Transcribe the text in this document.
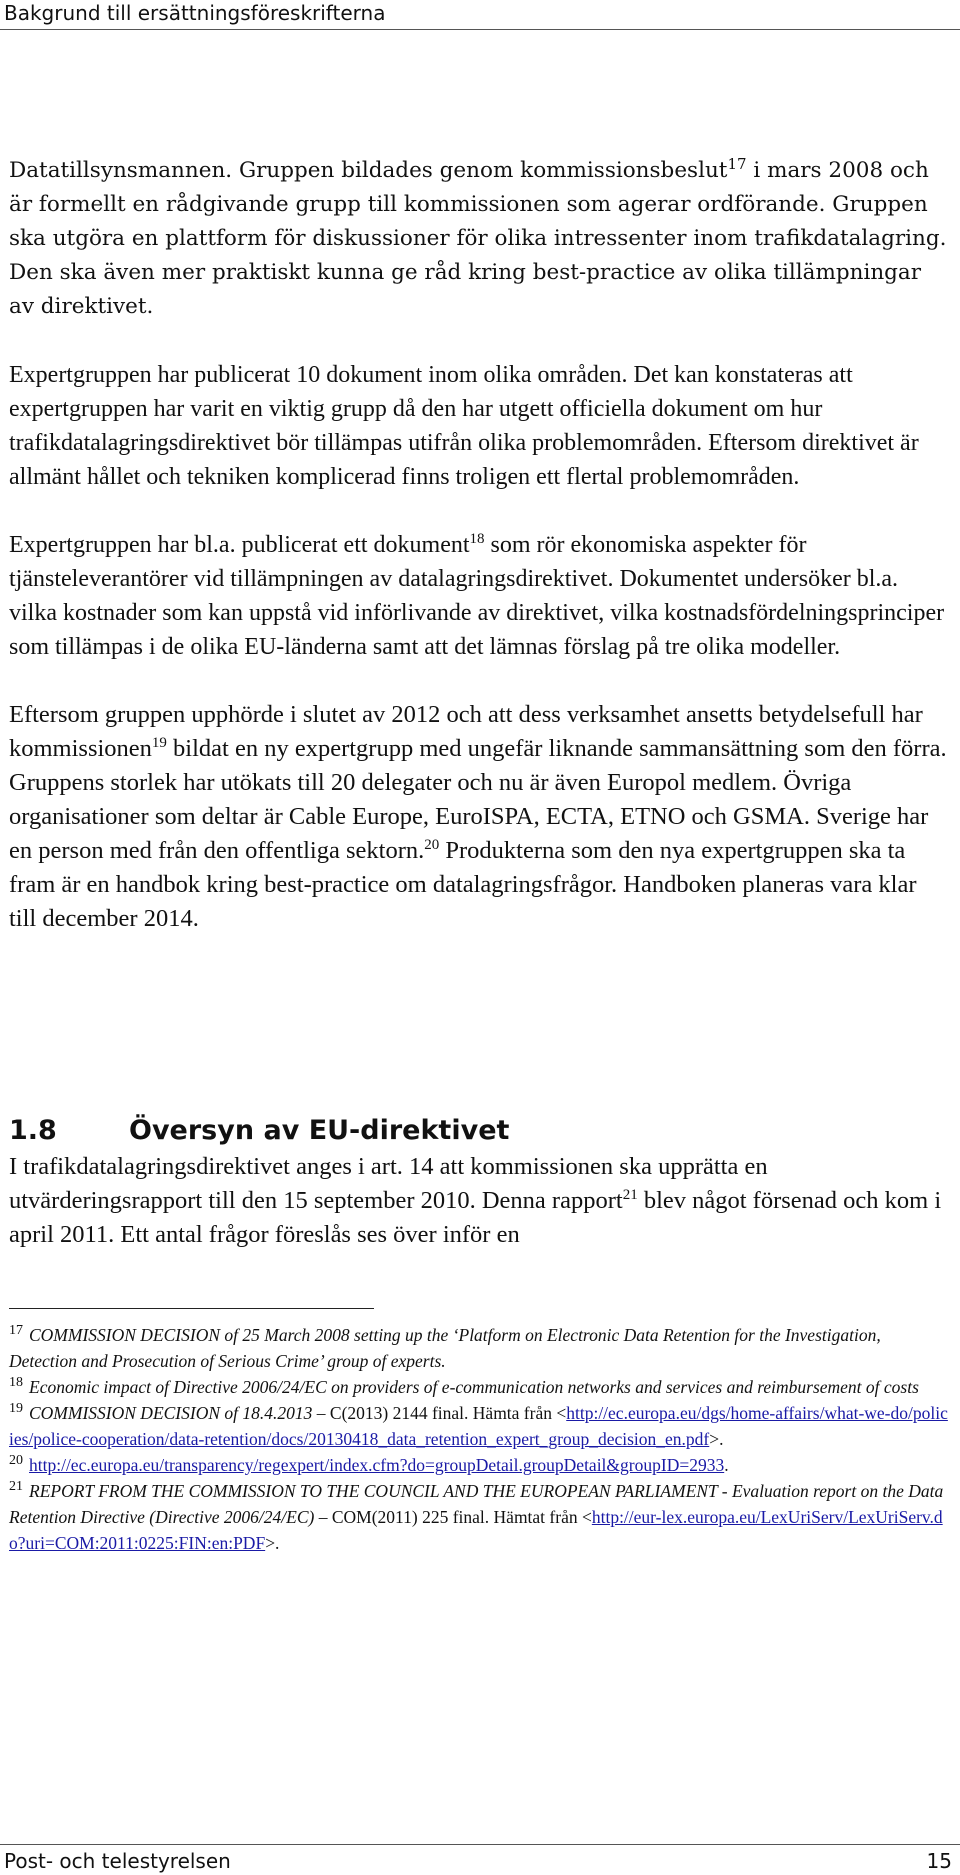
Bakgrund till ersättningsföreskrifterna

Datatillsynsmannen. Gruppen bildades genom kommissionsbeslut$^{17}$ i mars 2008 och är formellt en rådgivande grupp till kommissionen som agerar ordförande. Gruppen ska utgöra en plattform för diskussioner för olika intressenter inom trafikdatalagring. Den ska även mer praktiskt kunna ge råd kring best-practice av olika tillämpningar av direktivet.

Expertgruppen har publicerat 10 dokument inom olika områden. Det kan konstateras att expertgruppen har varit en viktig grupp då den har utgett officiella dokument om hur trafikdatalagringsdirektivet bör tillämpas utifrån olika problemområden. Eftersom direktivet är allmänt hållet och tekniken komplicerad finns troligen ett flertal problemområden.

Expertgruppen har bl.a. publicerat ett dokument$^{18}$ som rör ekonomiska aspekter för tjänsteleverantörer vid tillämpningen av datalagringsdirektivet. Dokumentet undersöker bl.a. vilka kostnader som kan uppstå vid införlivande av direktivet, vilka kostnadsfördelningsprinciper som tillämpas i de olika EU-länderna samt att det lämnas förslag på tre olika modeller.

Eftersom gruppen upphörde i slutet av 2012 och att dess verksamhet ansetts betydelsefull har kommissionen$^{19}$ bildat en ny expertgrupp med ungefär liknande sammansättning som den förra. Gruppens storlek har utökats till 20 delegater och nu är även Europol medlem. Övriga organisationer som deltar är Cable Europe, EuroISPA, ECTA, ETNO och GSMA. Sverige har en person med från den offentliga sektorn.$^{20}$ Produkterna som den nya expertgruppen ska ta fram är en handbok kring best-practice om datalagringsfrågor. Handboken planeras vara klar till december 2014.

1.8	Översyn av EU-direktivet

I trafikdatalagringsdirektivet anges i art. 14 att kommissionen ska upprätta en utvärderingsrapport till den 15 september 2010. Denna rapport$^{21}$ blev något försenad och kom i april 2011. Ett antal frågor föreslås ses över inför en

$^{17}$ COMMISSION DECISION of 25 March 2008 setting up the ‘Platform on Electronic Data Retention for the Investigation, Detection and Prosecution of Serious Crime’ group of experts.

$^{18}$ Economic impact of Directive 2006/24/EC on providers of e-communication networks and services and reimbursement of costs

$^{19}$ COMMISSION DECISION of 18.4.2013 – C(2013) 2144 final. Hämta från <http://ec.europa.eu/dgs/home-affairs/what-we-do/policies/police-cooperation/data-retention/docs/20130418_data_retention_expert_group_decision_en.pdf>.

$^{20}$ http://ec.europa.eu/transparency/regexpert/index.cfm?do=groupDetail.groupDetail&groupID=2933.

$^{21}$ REPORT FROM THE COMMISSION TO THE COUNCIL AND THE EUROPEAN PARLIAMENT - Evaluation report on the Data Retention Directive (Directive 2006/24/EC) – COM(2011) 225 final. Hämtat från <http://eur-lex.europa.eu/LexUriServ/LexUriServ.do?uri=COM:2011:0225:FIN:en:PDF>.

Post- och telestyrelsen	15
